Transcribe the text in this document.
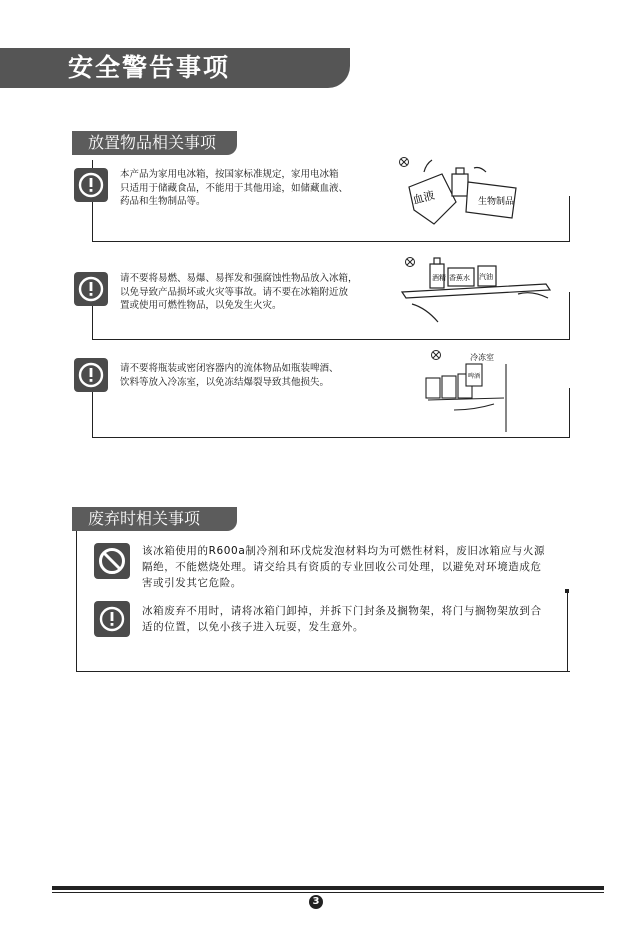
安全警告事项
放置物品相关事项
本产品为家用电冰箱，按国家标准规定，家用电冰箱
只适用于储藏食品，不能用于其他用途，如储藏血液、
药品和生物制品等。	血液	生物制品
请不要将易燃、易爆、易挥发和强腐蚀性物品放入冰箱，
以免导致产品损坏或火灾等事故。请不要在冰箱附近放
置或使用可燃性物品，以免发生火灾。
酒精 香蕉水 汽油
请不要将瓶装或密闭容器内的流体物品如瓶装啤酒、
饮料等放入冷冻室，以免冻结爆裂导致其他损失。
冷冻室
啤酒
废弃时相关事项
该冰箱使用的R600a制冷剂和环戊烷发泡材料均为可燃性材料，废旧冰箱应与火源
隔绝，不能燃烧处理。请交给具有资质的专业回收公司处理，以避免对环境造成危
害或引发其它危险。
冰箱废弃不用时，请将冰箱门卸掉，并拆下门封条及搁物架，将门与搁物架放到合
适的位置，以免小孩子进入玩耍，发生意外。
3
